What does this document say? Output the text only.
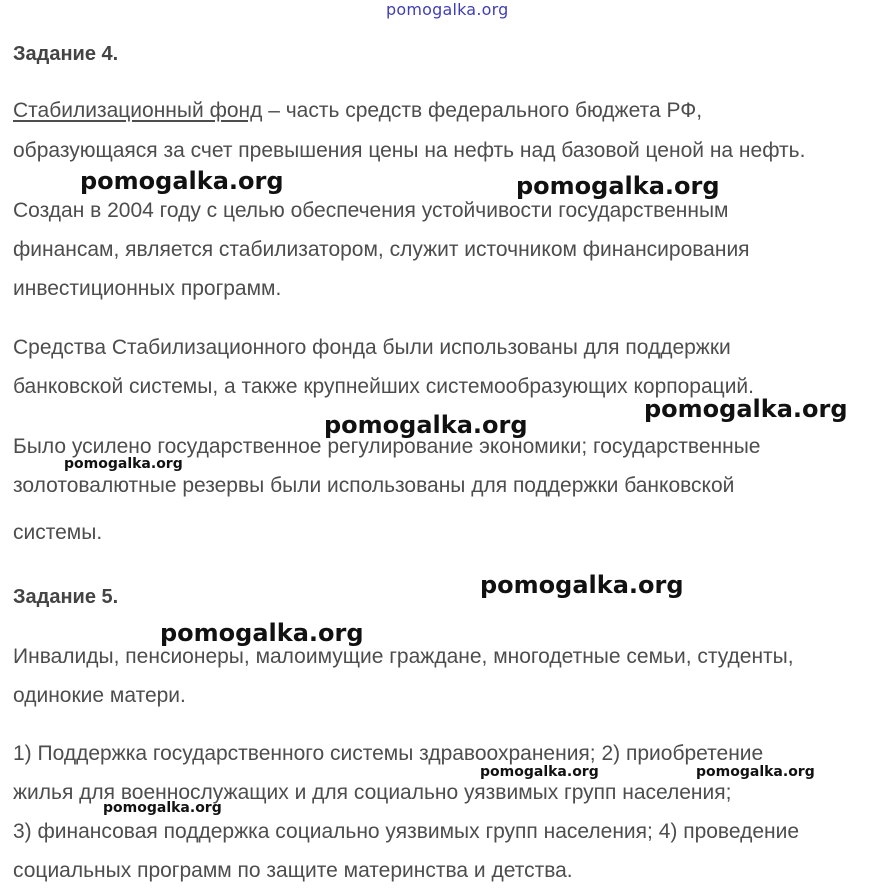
pomogalka.org
Задание 4.
Стабилизационный фонд – часть средств федерального бюджета РФ,
образующаяся за счет превышения цены на нефть над базовой ценой на нефть.
Создан в 2004 году с целью обеспечения устойчивости государственным
финансам, является стабилизатором, служит источником финансирования
инвестиционных программ.
Средства Стабилизационного фонда были использованы для поддержки
банковской системы, а также крупнейших системообразующих корпораций.
Было усилено государственное регулирование экономики; государственные
золотовалютные резервы были использованы для поддержки банковской
системы.
Задание 5.
Инвалиды, пенсионеры, малоимущие граждане, многодетные семьи, студенты,
одинокие матери.
1) Поддержка государственного системы здравоохранения; 2) приобретение
жилья для военнослужащих и для социально уязвимых групп населения;
3) финансовая поддержка социально уязвимых групп населения; 4) проведение
социальных программ по защите материнства и детства.
pomogalka.org	pomogalka.org
pomogalka.org
pomogalka.org
pomogalka.org
pomogalka.org
pomogalka.org
pomogalka.org	pomogalka.org
pomogalka.org
